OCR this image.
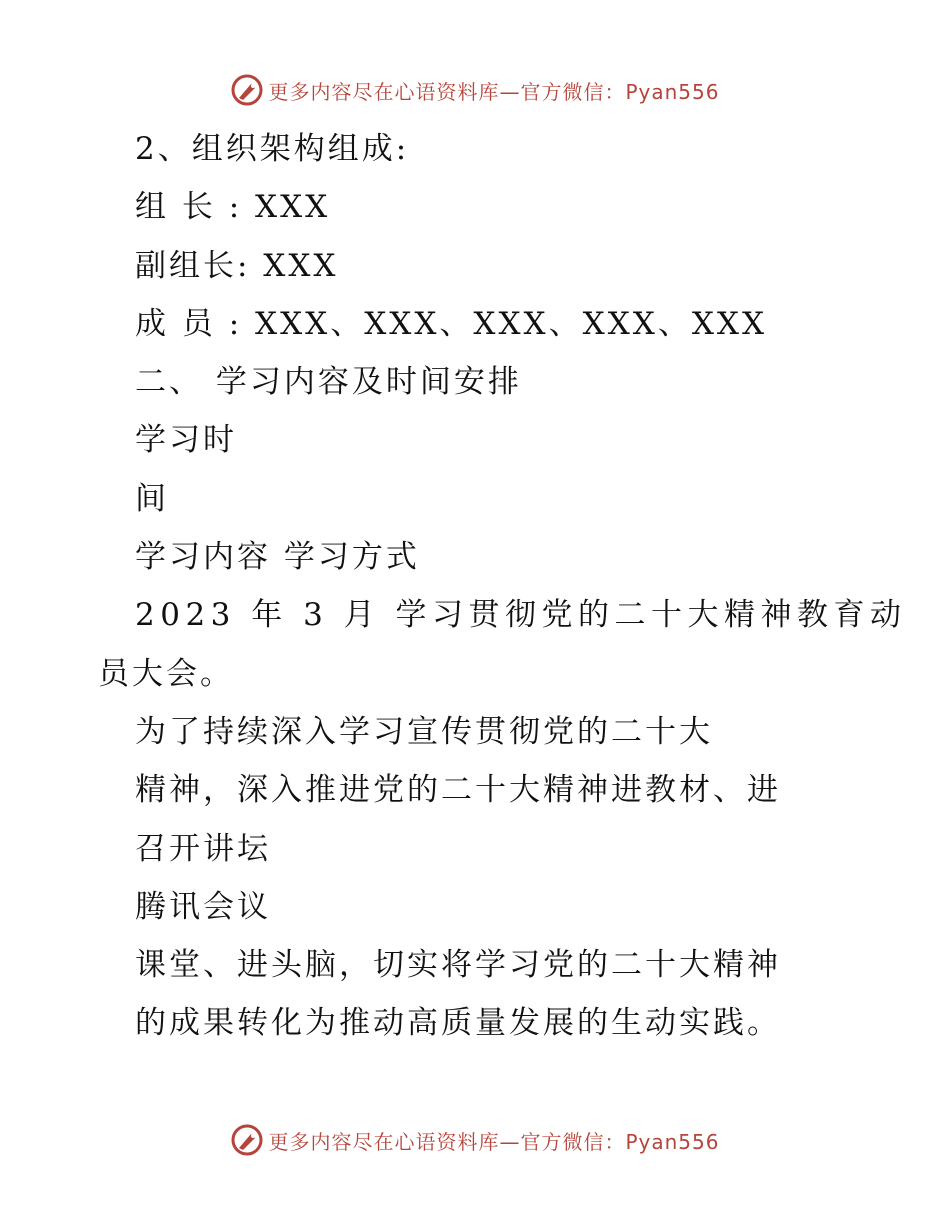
更多内容尽在心语资料库—官方微信：Pyan556
2、组织架构组成:
组 长 : XXX
副组长: XXX
成 员 : XXX、XXX、XXX、XXX、XXX
二、 学习内容及时间安排
学习时
间
学习内容 学习方式
2023 年 3 月 学习贯彻党的二十大精神教育动
员大会。
为了持续深入学习宣传贯彻党的二十大
精神，深入推进党的二十大精神进教材、进
召开讲坛
腾讯会议
课堂、进头脑，切实将学习党的二十大精神
的成果转化为推动高质量发展的生动实践。
更多内容尽在心语资料库—官方微信：Pyan556
